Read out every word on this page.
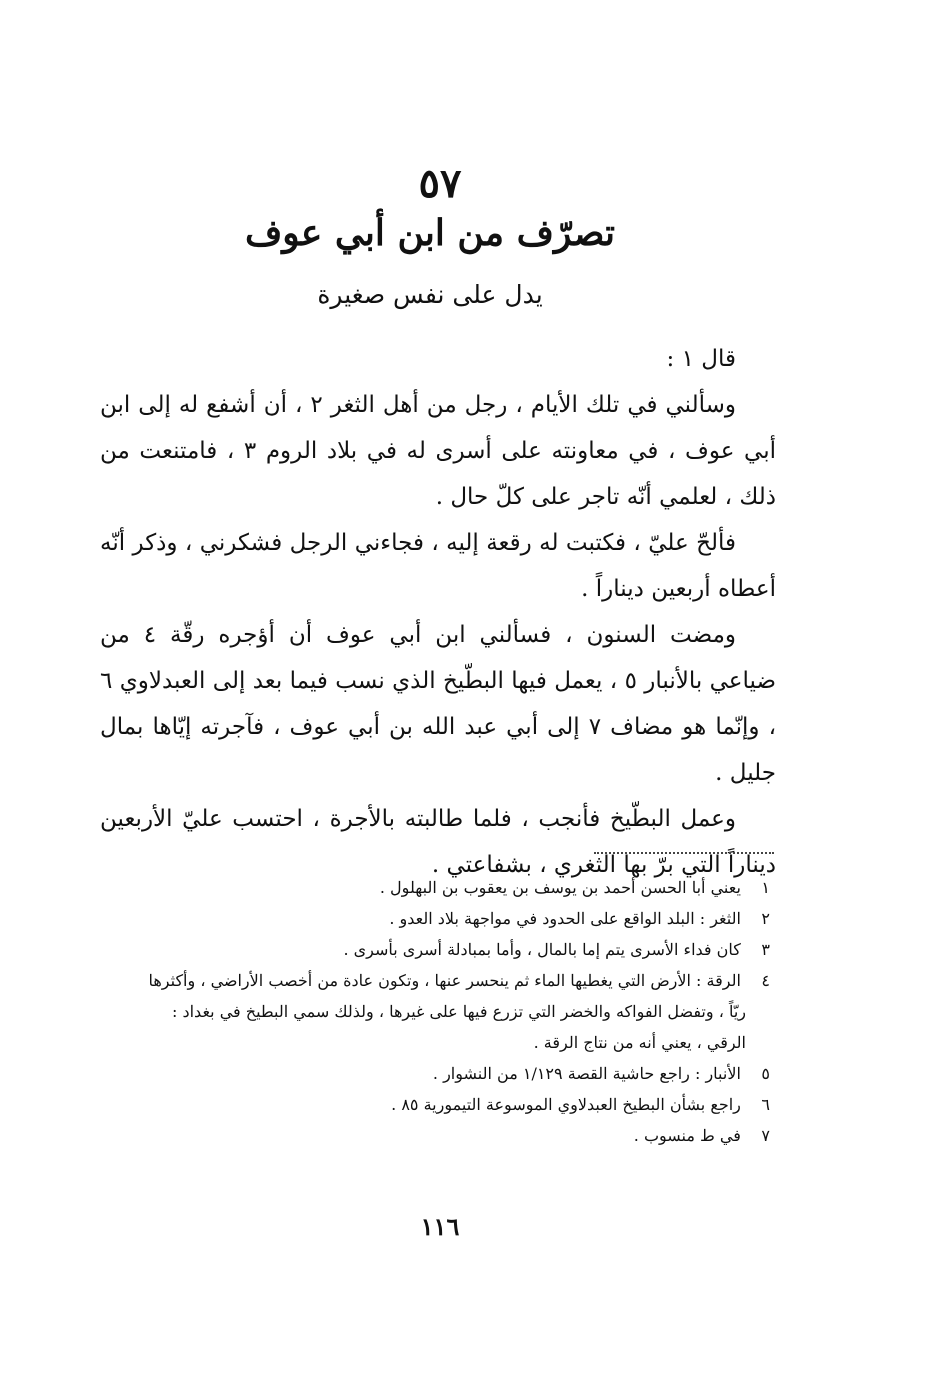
٥٧
تصرّف من ابن أبي عوف
يدل على نفس صغيرة

قال ١ :

وسألني في تلك الأيام ، رجل من أهل الثغر ٢ ، أن أشفع له إلى ابن أبي عوف ، في معاونته على أسرى له في بلاد الروم ٣ ، فامتنعت من ذلك ، لعلمي أنّه تاجر على كلّ حال .

فألحّ عليّ ، فكتبت له رقعة إليه ، فجاءني الرجل فشكرني ، وذكر أنّه أعطاه أربعين ديناراً .

ومضت السنون ، فسألني ابن أبي عوف أن أؤجره رقّة ٤ من ضياعي بالأنبار ٥ ، يعمل فيها البطّيخ الذي نسب فيما بعد إلى العبدلاوي ٦ ، وإنّما هو مضاف ٧ إلى أبي عبد الله بن أبي عوف ، فآجرته إيّاها بمال جليل .

وعمل البطّيخ فأنجب ، فلما طالبته بالأجرة ، احتسب عليّ الأربعين ديناراً التي برّ بها الثغري ، بشفاعتي .

١ يعني أبا الحسن أحمد بن يوسف بن يعقوب بن البهلول .

٢ الثغر : البلد الواقع على الحدود في مواجهة بلاد العدو .

٣ كان فداء الأسرى يتم إما بالمال ، وأما بمبادلة أسرى بأسرى .

٤ الرقة : الأرض التي يغطيها الماء ثم ينحسر عنها ، وتكون عادة من أخصب الأراضي ، وأكثرها

ريّاً ، وتفضل الفواكه والخضر التي تزرع فيها على غيرها ، ولذلك سمي البطيخ في بغداد :

الرقي ، يعني أنه من نتاج الرقة .

٥ الأنبار : راجع حاشية القصة ١/١٢٩ من النشوار .

٦ راجع بشأن البطيخ العبدلاوي الموسوعة التيمورية ٨٥ .

٧ في ط منسوب .

١١٦
